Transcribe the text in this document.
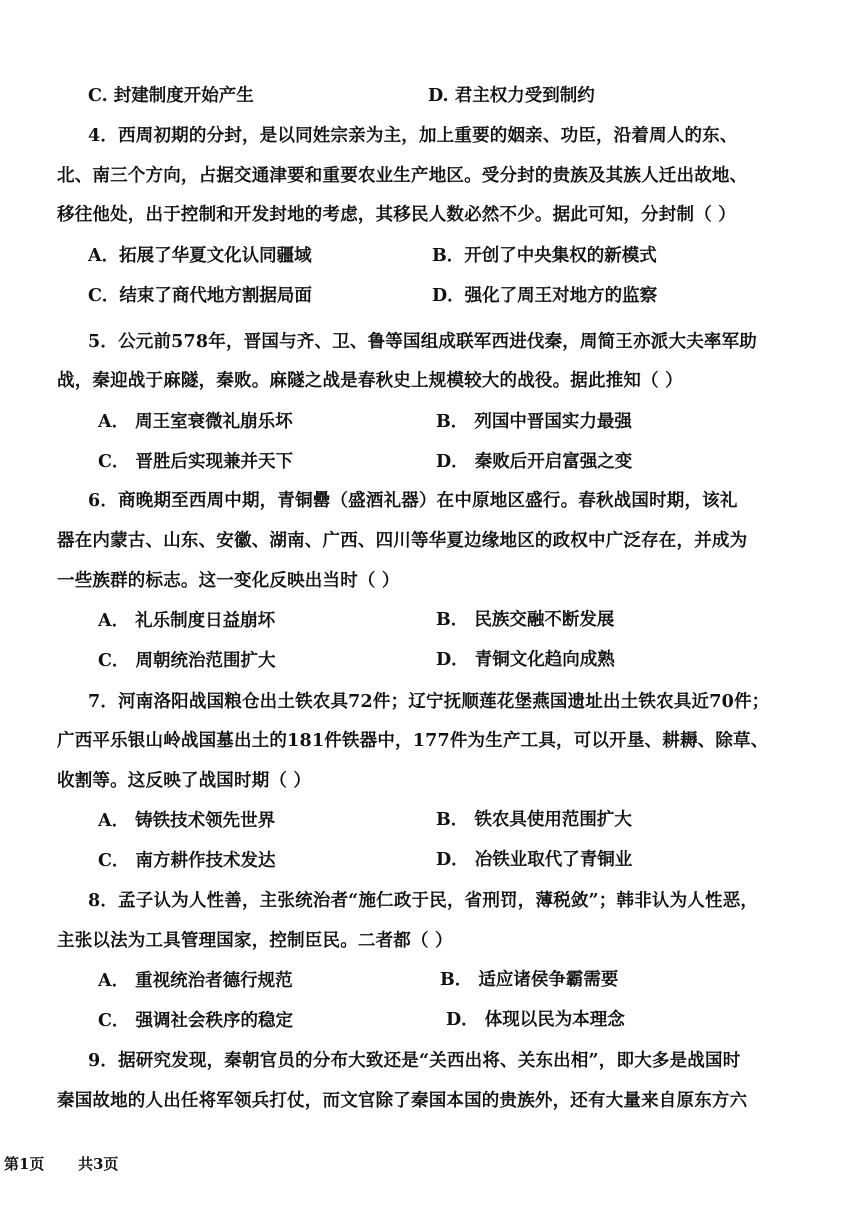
C. 封建制度开始产生	D. 君主权力受到制约
4．西周初期的分封，是以同姓宗亲为主，加上重要的姻亲、功臣，沿着周人的东、
北、南三个方向，占据交通津要和重要农业生产地区。受分封的贵族及其族人迁出故地、
移往他处，出于控制和开发封地的考虑，其移民人数必然不少。据此可知，分封制（ ）
A．拓展了华夏文化认同疆域	B．开创了中央集权的新模式
C．结束了商代地方割据局面	D．强化了周王对地方的监察
5．公元前578年，晋国与齐、卫、鲁等国组成联军西进伐秦，周简王亦派大夫率军助
战，秦迎战于麻隧，秦败。麻隧之战是春秋史上规模较大的战役。据此推知（ ）
A． 周王室衰微礼崩乐坏	B． 列国中晋国实力最强
C． 晋胜后实现兼并天下	D． 秦败后开启富强之变
6．商晚期至西周中期，青铜罍（盛酒礼器）在中原地区盛行。春秋战国时期，该礼
器在内蒙古、山东、安徽、湖南、广西、四川等华夏边缘地区的政权中广泛存在，并成为
一些族群的标志。这一变化反映出当时（ ）
A． 礼乐制度日益崩坏	B． 民族交融不断发展
C． 周朝统治范围扩大	D． 青铜文化趋向成熟
7．河南洛阳战国粮仓出土铁农具72件；辽宁抚顺莲花堡燕国遗址出土铁农具近70件；
广西平乐银山岭战国墓出土的181件铁器中，177件为生产工具，可以开垦、耕耨、除草、
收割等。这反映了战国时期（ ）
A． 铸铁技术领先世界	B． 铁农具使用范围扩大
C． 南方耕作技术发达	D． 冶铁业取代了青铜业
8．孟子认为人性善，主张统治者“施仁政于民，省刑罚，薄税敛”；韩非认为人性恶，
主张以法为工具管理国家，控制臣民。二者都（ ）
A． 重视统治者德行规范	B． 适应诸侯争霸需要
C． 强调社会秩序的稳定	D． 体现以民为本理念
9．据研究发现，秦朝官员的分布大致还是“关西出将、关东出相”，即大多是战国时
秦国故地的人出任将军领兵打仗，而文官除了秦国本国的贵族外，还有大量来自原东方六
第1页 共3页
